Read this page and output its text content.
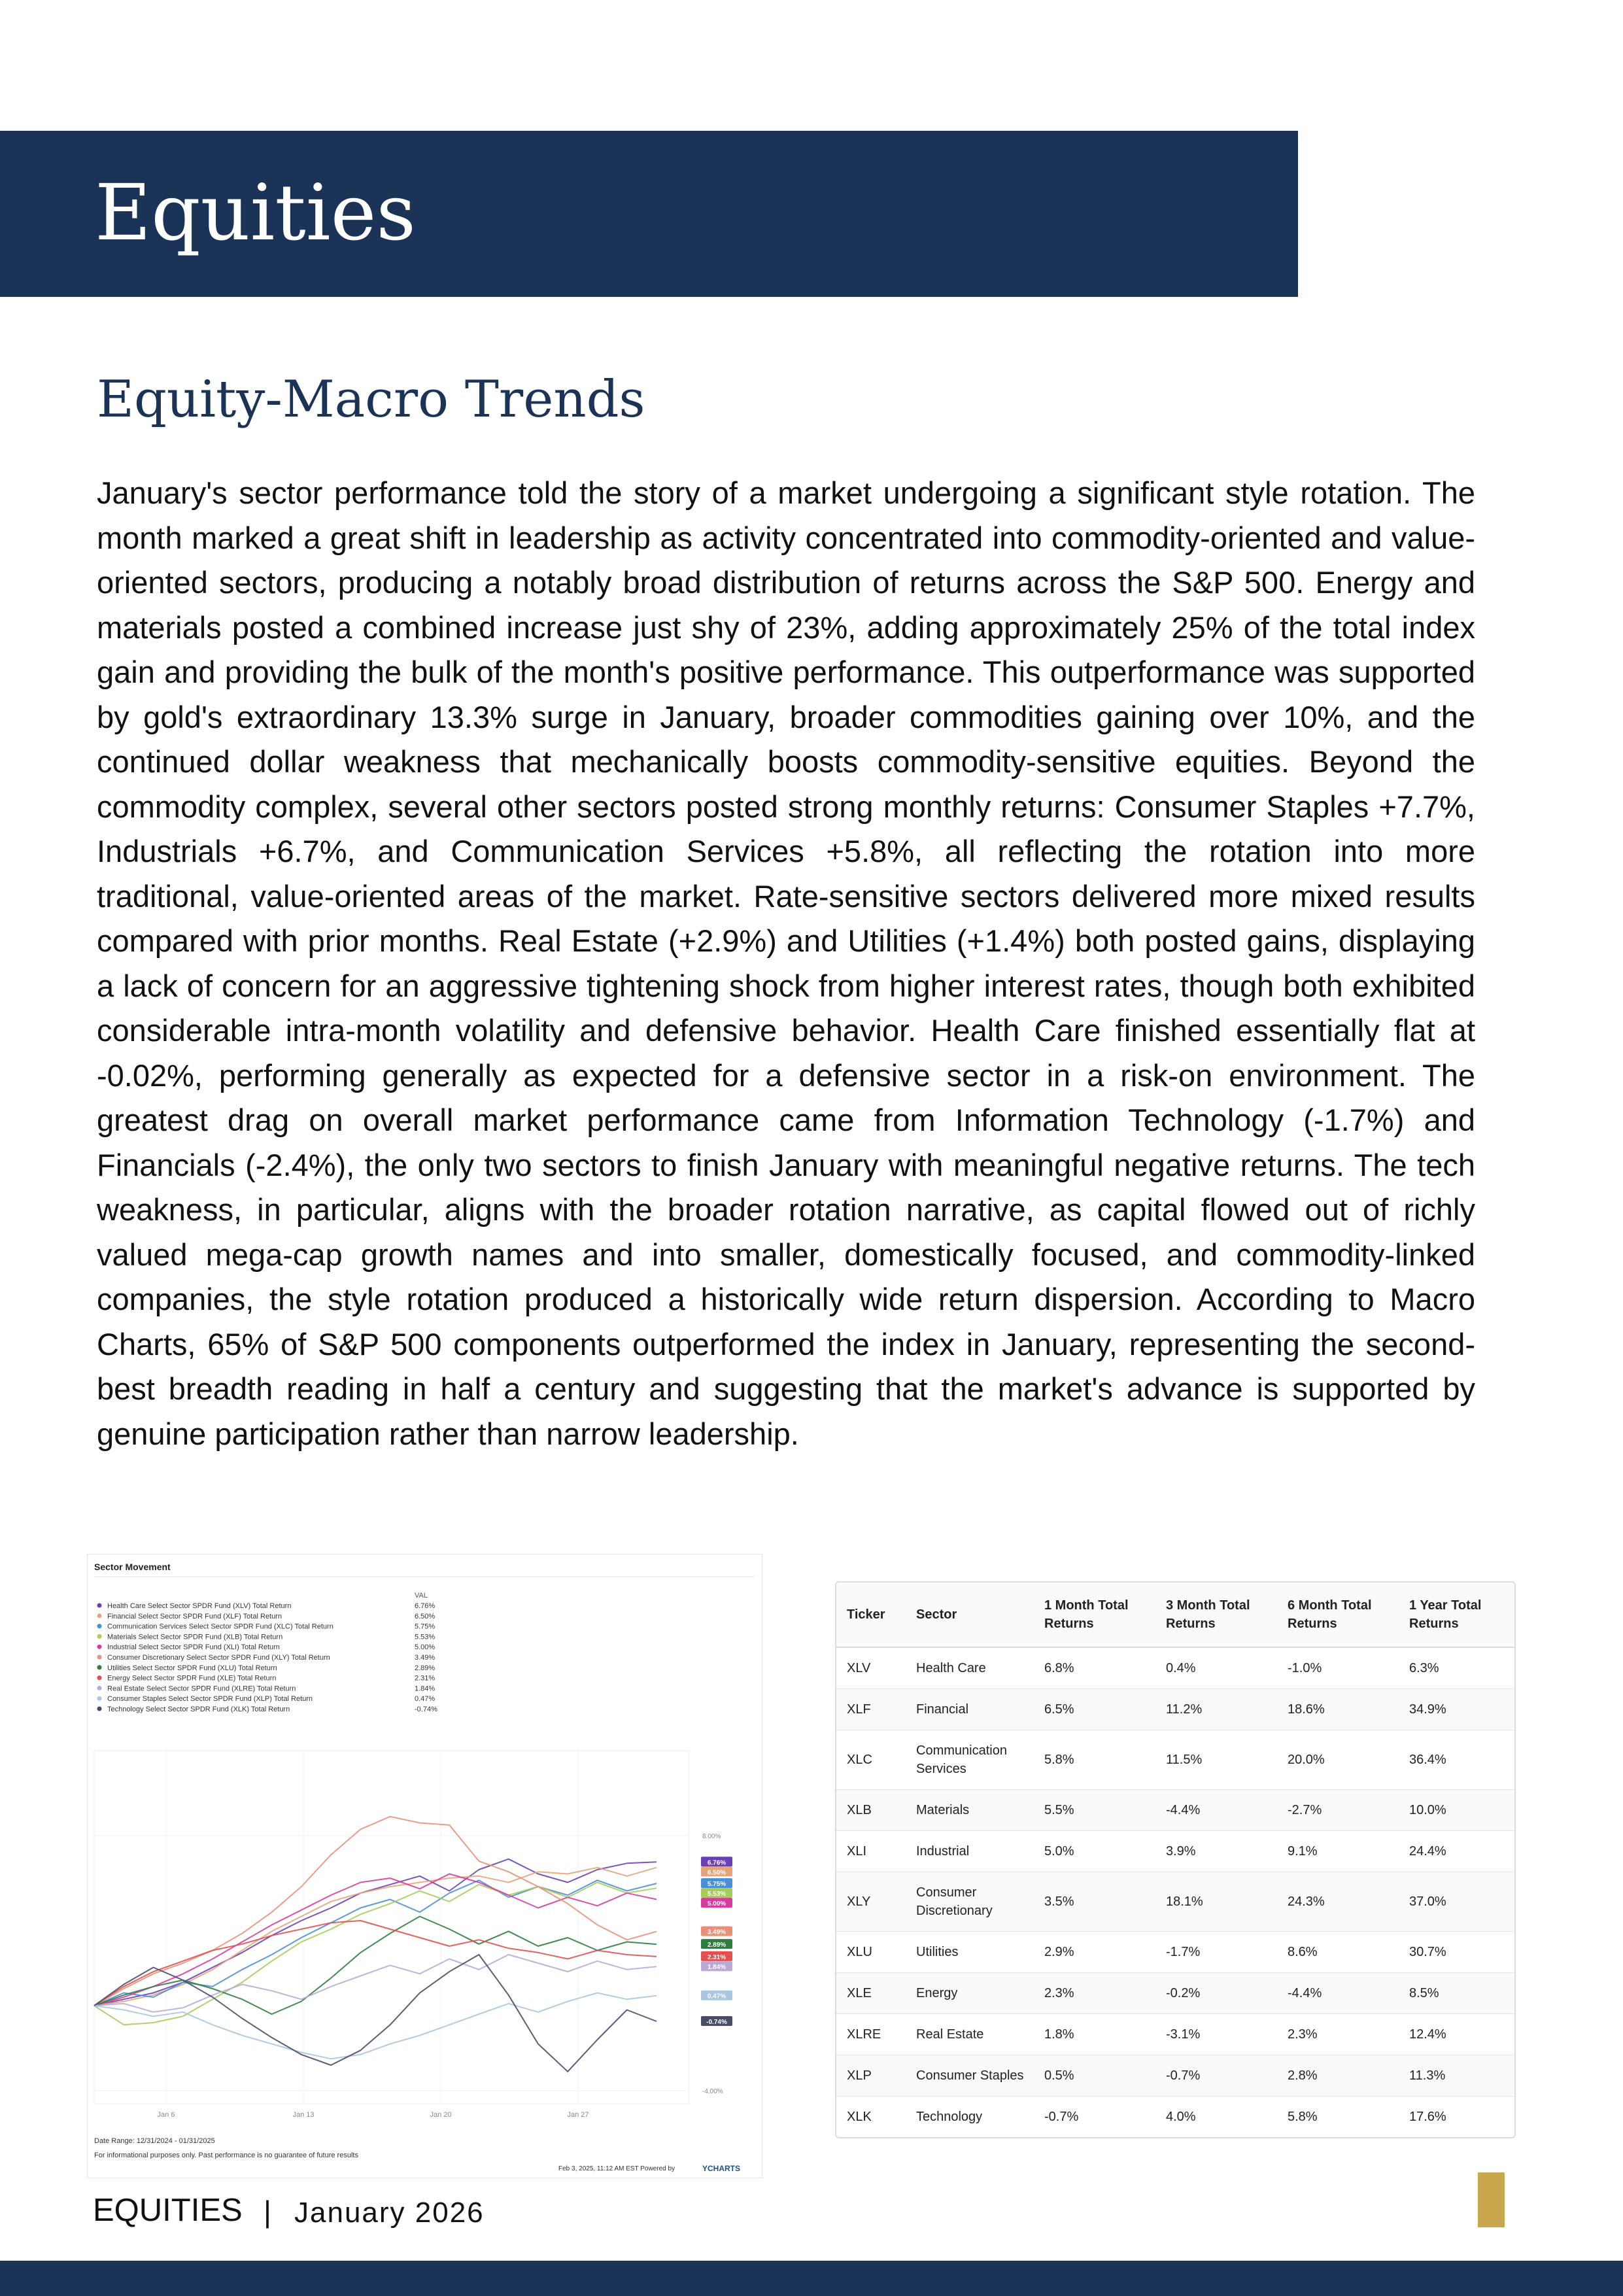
Equities
Equity-Macro Trends

January's sector performance told the story of a market undergoing a significant style rotation. The month marked a great shift in leadership as activity concentrated into commodity-oriented and value-oriented sectors, producing a notably broad distribution of returns across the S&P 500. Energy and materials posted a combined increase just shy of 23%, adding approximately 25% of the total index gain and providing the bulk of the month's positive performance. This outperformance was supported by gold's extraordinary 13.3% surge in January, broader commodities gaining over 10%, and the continued dollar weakness that mechanically boosts commodity-sensitive equities. Beyond the commodity complex, several other sectors posted strong monthly returns: Consumer Staples +7.7%, Industrials +6.7%, and Communication Services +5.8%, all reflecting the rotation into more traditional, value-oriented areas of the market. Rate-sensitive sectors delivered more mixed results compared with prior months. Real Estate (+2.9%) and Utilities (+1.4%) both posted gains, displaying a lack of concern for an aggressive tightening shock from higher interest rates, though both exhibited considerable intra-month volatility and defensive behavior. Health Care finished essentially flat at -0.02%, performing generally as expected for a defensive sector in a risk-on environment. The greatest drag on overall market performance came from Information Technology (-1.7%) and Financials (-2.4%), the only two sectors to finish January with meaningful negative returns. The tech weakness, in particular, aligns with the broader rotation narrative, as capital flowed out of richly valued mega-cap growth names and into smaller, domestically focused, and commodity-linked companies, the style rotation produced a historically wide return dispersion. According to Macro Charts, 65% of S&P 500 components outperformed the index in January, representing the second-best breadth reading in half a century and suggesting that the market's advance is supported by genuine participation rather than narrow leadership.

Sector Movement
VAL
Health Care Select Sector SPDR Fund (XLV) Total Return	6.76%
Financial Select Sector SPDR Fund (XLF) Total Return	6.50%
Communication Services Select Sector SPDR Fund (XLC) Total Return	5.75%
Materials Select Sector SPDR Fund (XLB) Total Return	5.53%
Industrial Select Sector SPDR Fund (XLI) Total Return	5.00%
Consumer Discretionary Select Sector SPDR Fund (XLY) Total Return	3.49%
Utilities Select Sector SPDR Fund (XLU) Total Return	2.89%
Energy Select Sector SPDR Fund (XLE) Total Return	2.31%
Real Estate Select Sector SPDR Fund (XLRE) Total Return	1.84%
Consumer Staples Select Sector SPDR Fund (XLP) Total Return	0.47%
Technology Select Sector SPDR Fund (XLK) Total Return	-0.74%
8.00%
-4.00%
Jan 6	Jan 13	Jan 20	Jan 27
6.76%
6.50%
5.75%
5.53%
5.00%
3.49%
2.89%
2.31%
1.84%
0.47%
-0.74%
Date Range: 12/31/2024 - 01/31/2025
For informational purposes only. Past performance is no guarantee of future results
Feb 3, 2025, 11:12 AM EST Powered by	YCHARTS
Ticker	Sector	1 Month Total Returns	3 Month Total Returns	6 Month Total Returns	1 Year Total Returns
XLV	Health Care	6.8%	0.4%	-1.0%	6.3%
XLF	Financial	6.5%	11.2%	18.6%	34.9%
XLC	Communication Services	5.8%	11.5%	20.0%	36.4%
XLB	Materials	5.5%	-4.4%	-2.7%	10.0%
XLI	Industrial	5.0%	3.9%	9.1%	24.4%
XLY	Consumer Discretionary	3.5%	18.1%	24.3%	37.0%
XLU	Utilities	2.9%	-1.7%	8.6%	30.7%
XLE	Energy	2.3%	-0.2%	-4.4%	8.5%
XLRE	Real Estate	1.8%	-3.1%	2.3%	12.4%
XLP	Consumer Staples	0.5%	-0.7%	2.8%	11.3%
XLK	Technology	-0.7%	4.0%	5.8%	17.6%
EQUITIES | January 2026
